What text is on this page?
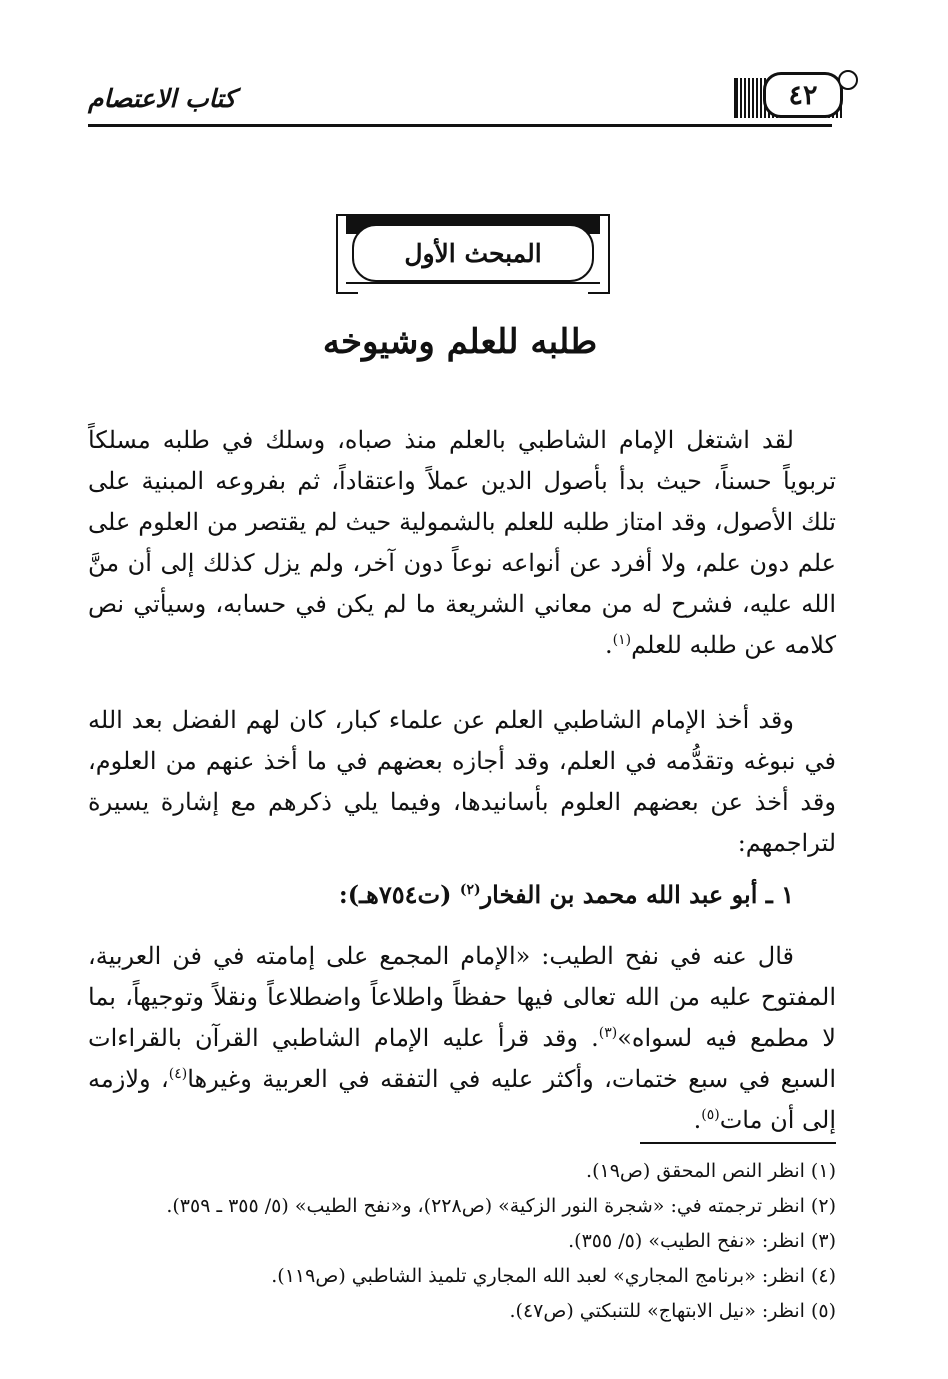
كتاب الاعتصام	٤٢
المبحث الأول
طلبه للعلم وشيوخه

لقد اشتغل الإمام الشاطبي بالعلم منذ صباه، وسلك في طلبه مسلكاً تربوياً حسناً، حيث بدأ بأصول الدين عملاً واعتقاداً، ثم بفروعه المبنية على تلك الأصول، وقد امتاز طلبه للعلم بالشمولية حيث لم يقتصر من العلوم على علم دون علم، ولا أفرد عن أنواعه نوعاً دون آخر، ولم يزل كذلك إلى أن منَّ الله عليه، فشرح له من معاني الشريعة ما لم يكن في حسابه، وسيأتي نص كلامه عن طلبه للعلم$^{(١)}$.

وقد أخذ الإمام الشاطبي العلم عن علماء كبار، كان لهم الفضل بعد الله في نبوغه وتقدُّمه في العلم، وقد أجازه بعضهم في ما أخذ عنهم من العلوم، وقد أخذ عن بعضهم العلوم بأسانيدها، وفيما يلي ذكرهم مع إشارة يسيرة لتراجمهم:

١ ـ أبو عبد الله محمد بن الفخار$^{(٢)}$ (ت٧٥٤هـ):

قال عنه في نفح الطيب: «الإمام المجمع على إمامته في فن العربية، المفتوح عليه من الله تعالى فيها حفظاً واطلاعاً واضطلاعاً ونقلاً وتوجيهاً، بما لا مطمع فيه لسواه»$^{(٣)}$. وقد قرأ عليه الإمام الشاطبي القرآن بالقراءات السبع في سبع ختمات، وأكثر عليه في التفقه في العربية وغيرها$^{(٤)}$، ولازمه إلى أن مات$^{(٥)}$.

(١) انظر النص المحقق (ص١٩).
(٢) انظر ترجمته في: «شجرة النور الزكية» (ص٢٢٨)، و«نفح الطيب» (٥/ ٣٥٥ ـ ٣٥٩).
(٣) انظر: «نفح الطيب» (٥/ ٣٥٥).
(٤) انظر: «برنامج المجاري» لعبد الله المجاري تلميذ الشاطبي (ص١١٩).
(٥) انظر: «نيل الابتهاج» للتنبكتي (ص٤٧).
